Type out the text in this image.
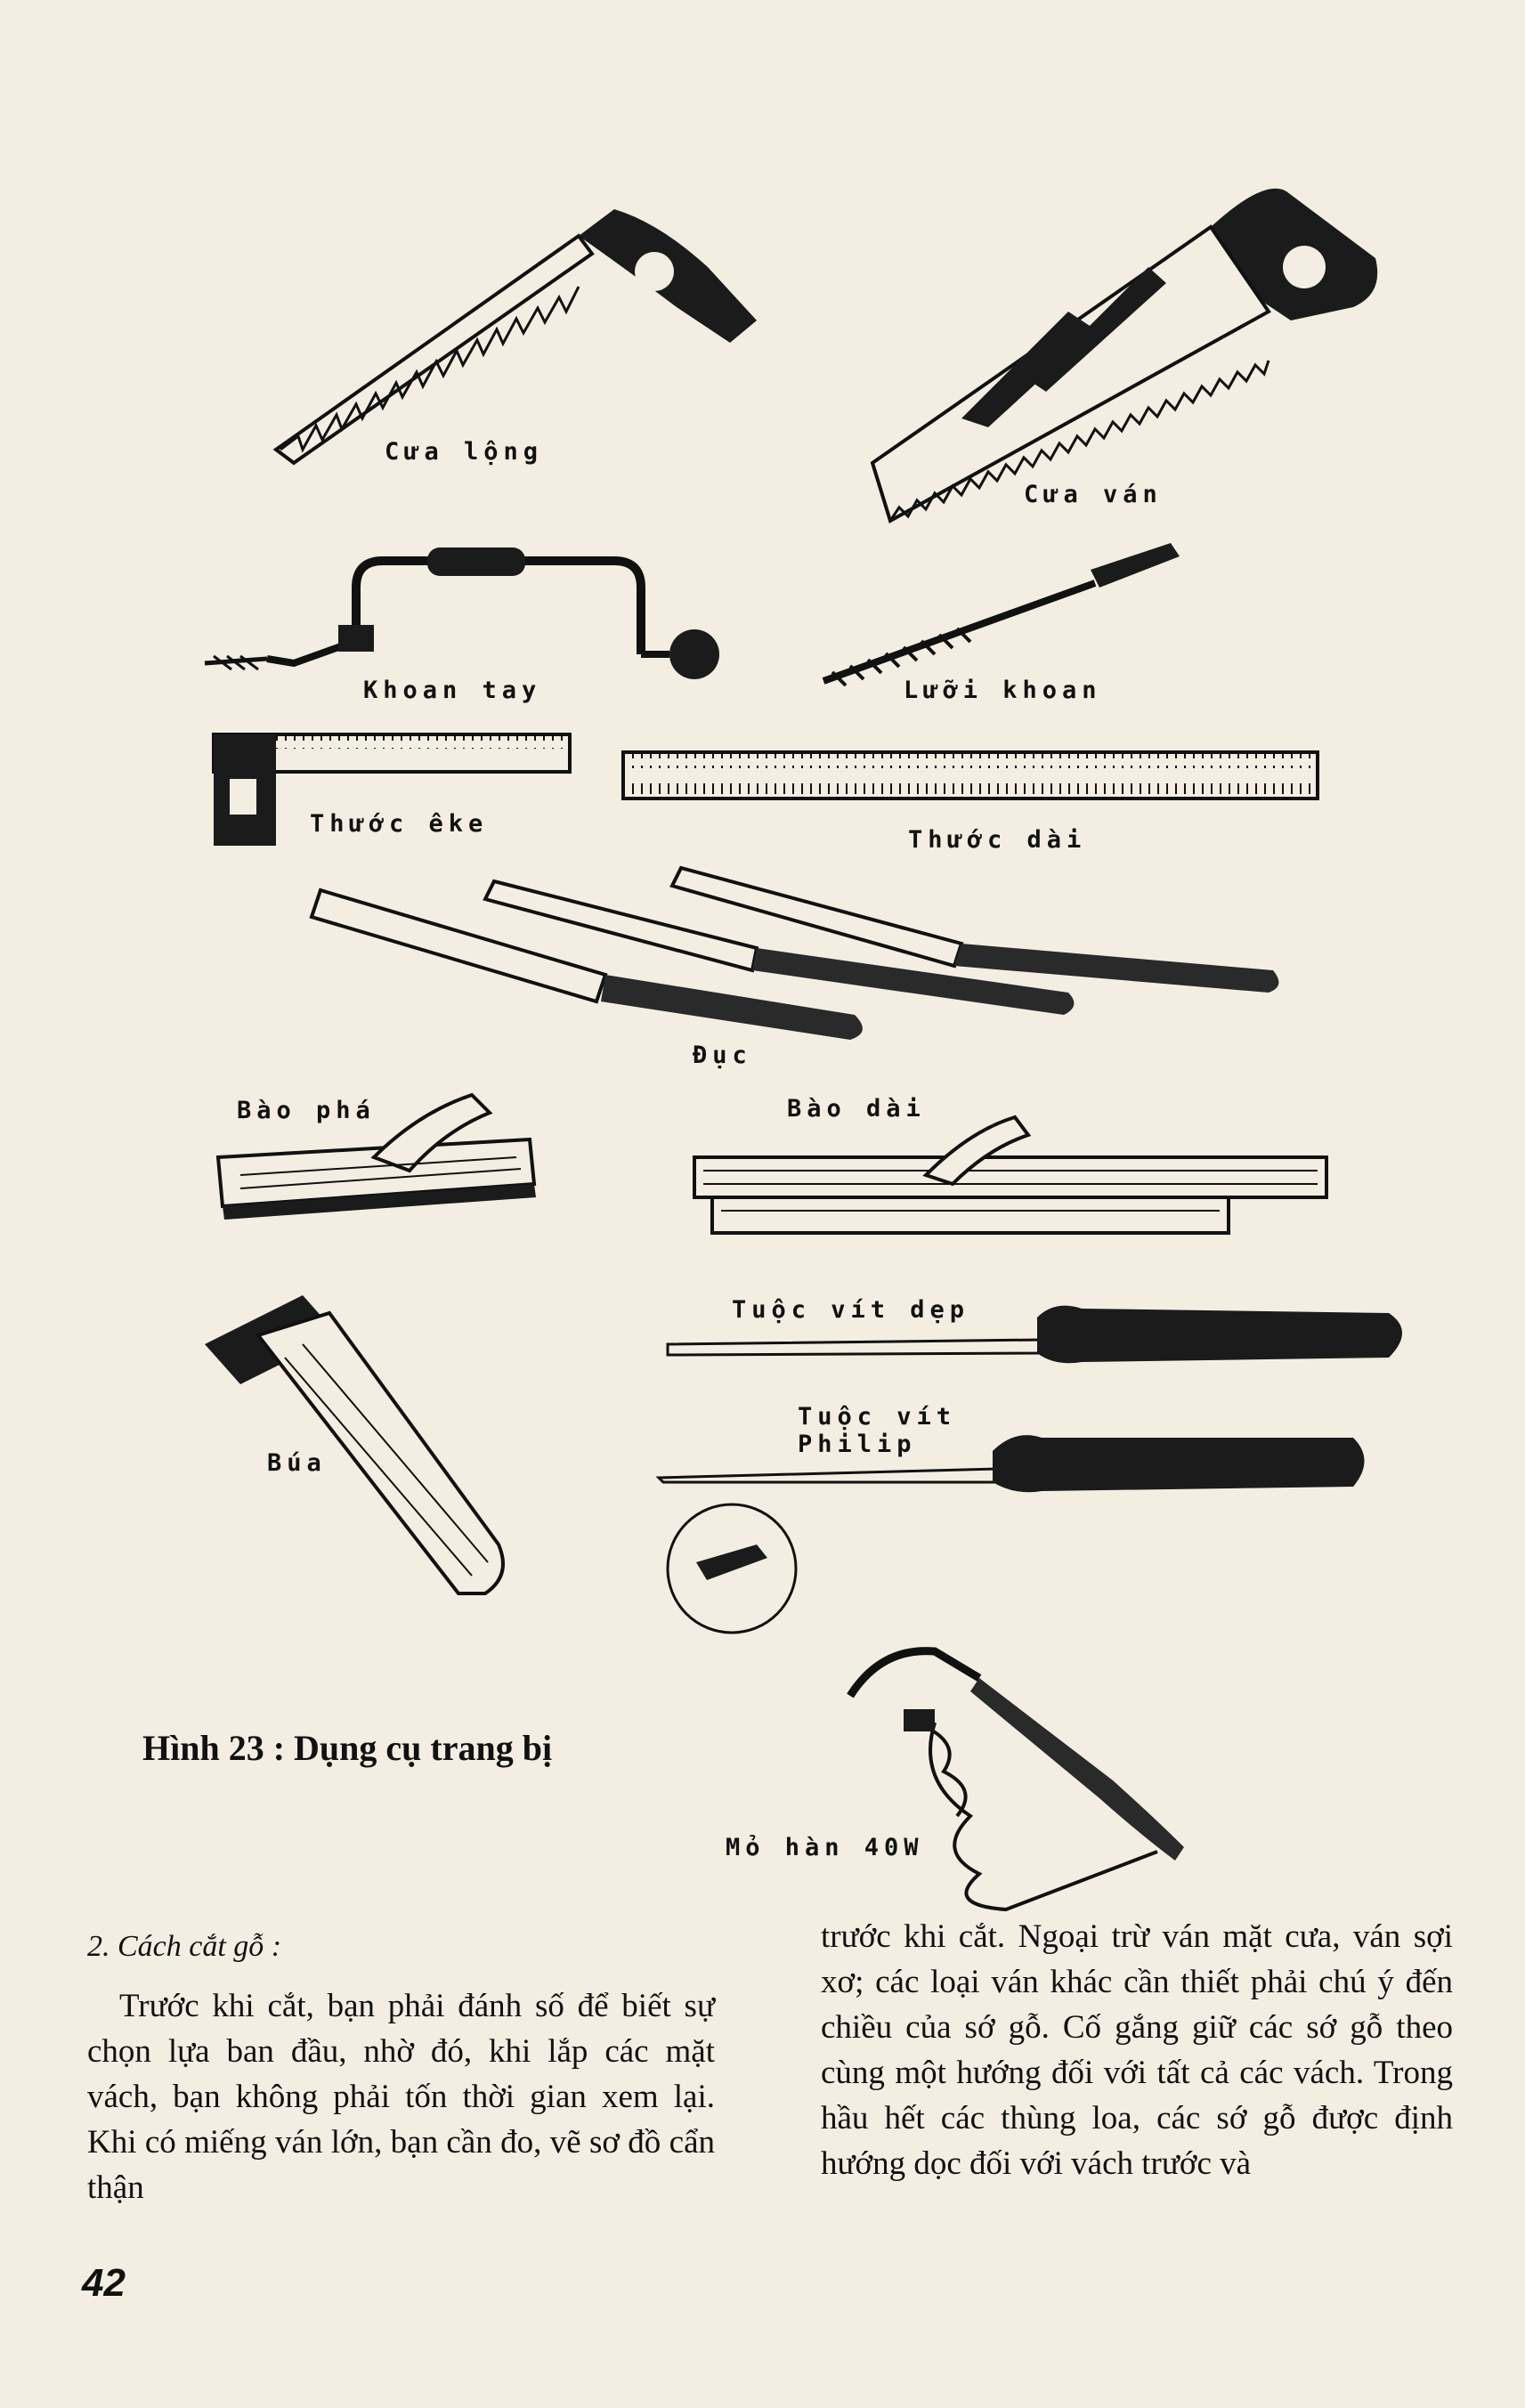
Cưa lộng
Cưa ván
Khoan tay	Lưỡi khoan
Thước êke
Thước dài
Đục
Bào phá	Bào dài
Tuộc vít dẹp
Tuộc vít
Philip
Búa
Mỏ hàn 40W
Hình 23 : Dụng cụ trang bị
2. Cách cắt gỗ :

Trước khi cắt, bạn phải đánh số để biết sự chọn lựa ban đầu, nhờ đó, khi lắp các mặt vách, bạn không phải tốn thời gian xem lại. Khi có miếng ván lớn, bạn cần đo, vẽ sơ đồ cẩn thận

trước khi cắt. Ngoại trừ ván mặt cưa, ván sợi xơ; các loại ván khác cần thiết phải chú ý đến chiều của sớ gỗ. Cố gắng giữ các sớ gỗ theo cùng một hướng đối với tất cả các vách. Trong hầu hết các thùng loa, các sớ gỗ được định hướng dọc đối với vách trước và

42
